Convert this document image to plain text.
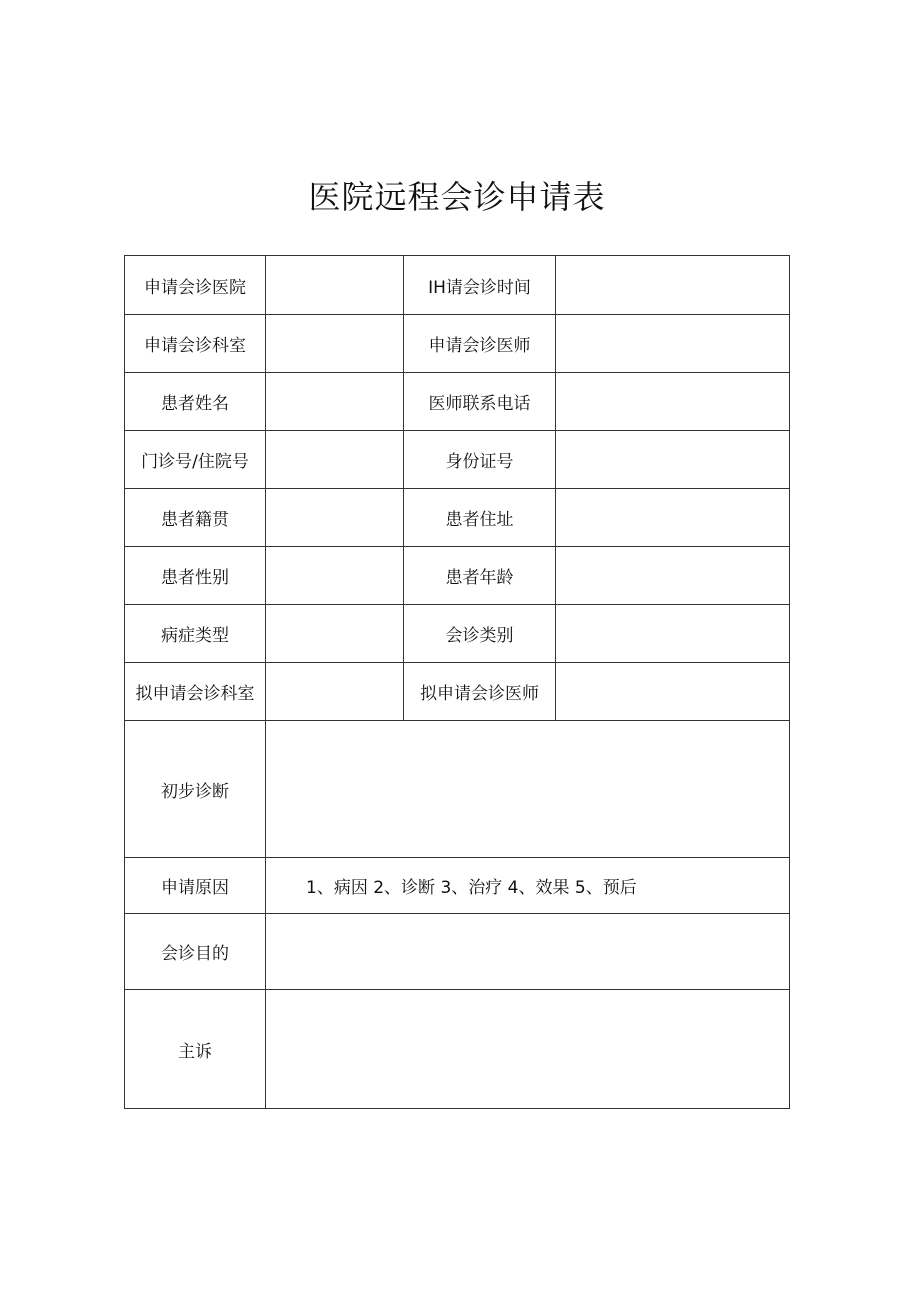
医院远程会诊申请表
申请会诊医院		IH请会诊时间	
申请会诊科室		申请会诊医师	
患者姓名		医师联系电话	
门诊号/住院号		身份证号	
患者籍贯		患者住址	
患者性别		患者年龄	
病症类型		会诊类别	
拟申请会诊科室		拟申请会诊医师	
初步诊断			
申请原因	1、病因 2、诊断 3、治疗 4、效果 5、预后		
会诊目的			
主诉			
